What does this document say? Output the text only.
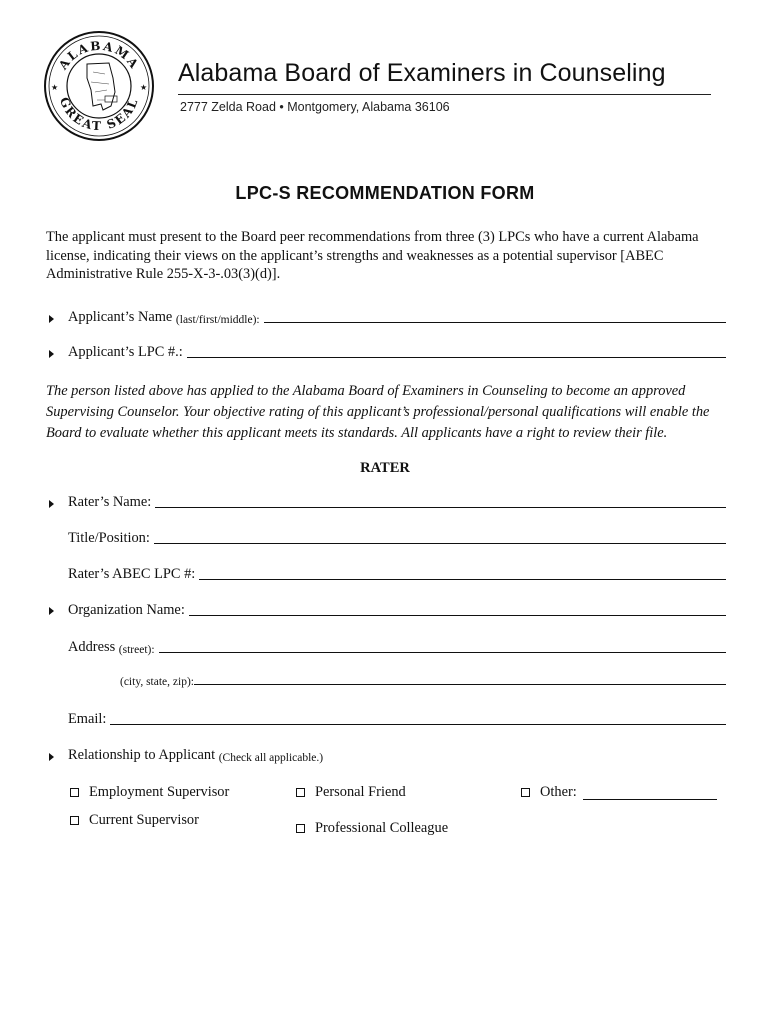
ALABAMA
GREAT SEAL
★	★
Alabama Board of Examiners in Counseling
2777 Zelda Road • Montgomery, Alabama 36106
LPC-S RECOMMENDATION FORM
The applicant must present to the Board peer recommendations from three (3) LPCs who have a current Alabama license, indicating their views on the applicant’s strengths and weaknesses as a potential supervisor [ABEC Administrative Rule 255-X-3-.03(3)(d)].
Applicant’s Name
(last/first/middle):
Applicant’s LPC #.:
The person listed above has applied to the Alabama Board of Examiners in Counseling to become an approved Supervising Counselor. Your objective rating of this applicant’s professional/personal qualifications will enable the Board to evaluate whether this applicant meets its standards. All applicants have a right to review their file.
RATER
Rater’s Name:
Title/Position:
Rater’s ABEC LPC #:
Organization Name:
Address
(street):
(city, state, zip):
Email:
Relationship to Applicant
(Check all applicable.)
Employment Supervisor	Personal Friend	Other:
Current Supervisor	Professional Colleague
